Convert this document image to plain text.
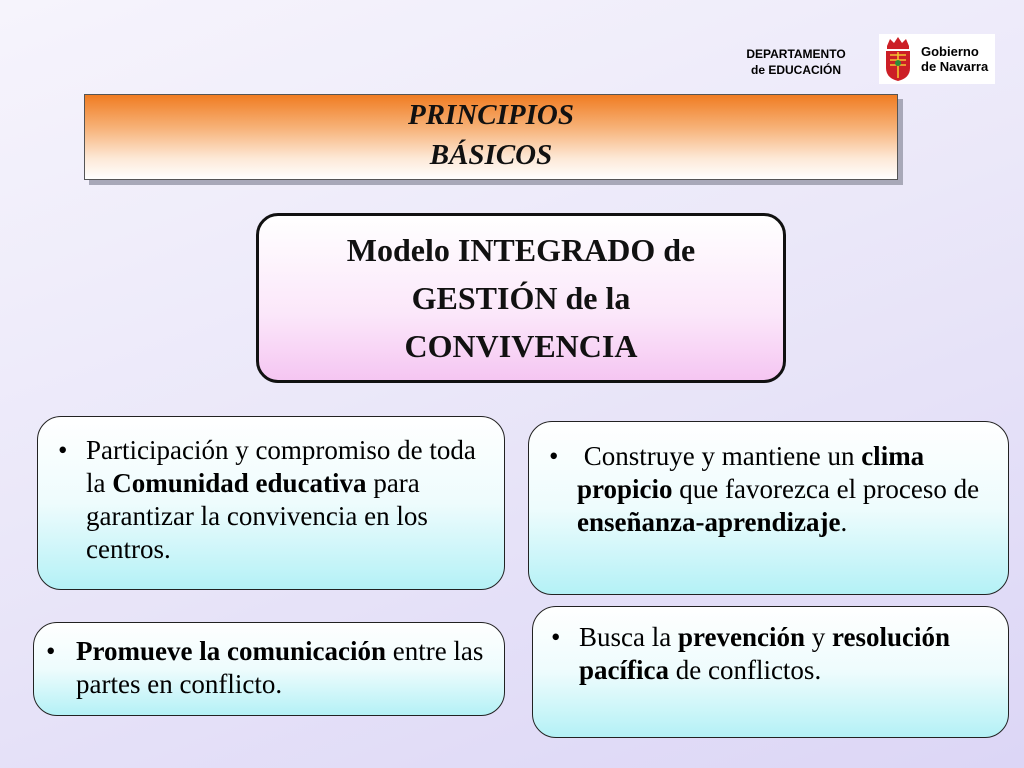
DEPARTAMENTO
de EDUCACIÓN
Gobierno
de Navarra
PRINCIPIOS
BÁSICOS
Modelo INTEGRADO de
GESTIÓN de la
CONVIVENCIA
• Participación y compromiso de toda la Comunidad educativa para garantizar la convivencia en los centros.
• Construye y mantiene un clima propicio que favorezca el proceso de enseñanza-aprendizaje.
• Promueve la comunicación entre las partes en conflicto.
• Busca la prevención y resolución pacífica de conflictos.
